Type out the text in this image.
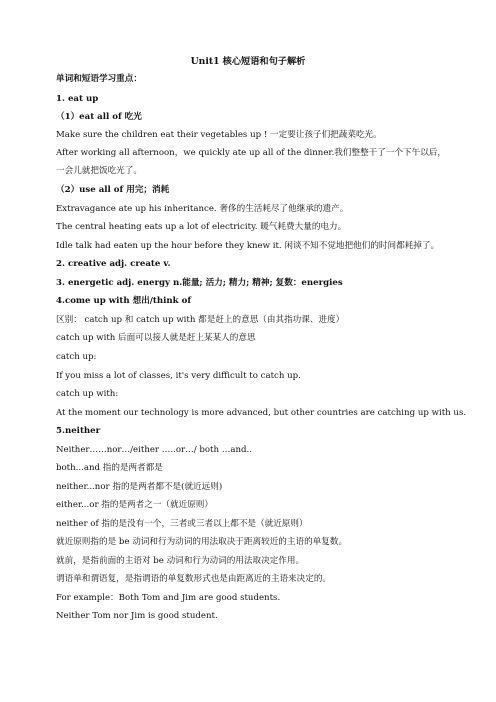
Unit1 核心短语和句子解析
单词和短语学习重点：
1. eat up
（1）eat all of 吃光
Make sure the children eat their vegetables up ! 一定要让孩子们把蔬菜吃光。
After working all afternoon，we quickly ate up all of the dinner.我们整整干了一个下午以后，
一会儿就把饭吃光了。
（2）use all of 用完；消耗
Extravagance ate up his inheritance. 奢侈的生活耗尽了他继承的遗产。
The central heating eats up a lot of electricity. 暖气耗费大量的电力。
Idle talk had eaten up the hour before they knew it. 闲谈不知不觉地把他们的时间都耗掉了。
2. creative adj. create v.
3. energetic adj. energy n.能量; 活力; 精力; 精神; 复数：energies
4.come up with 想出/think of
区别： catch up 和 catch up with 都是赶上的意思（由其指功课、进度）
catch up with 后面可以接人就是赶上某某人的意思
catch up:
If you miss a lot of classes, it's very difficult to catch up.
catch up with:
At the moment our technology is more advanced, but other countries are catching up with us.
5.neither
Neither……nor…/either …..or…/ both …and..
both...and 指的是两者都是
neither...nor 指的是两者都不是(就近远则)
either...or 指的是两者之一（就近原则）
neither of 指的是没有一个，三者或三者以上都不是（就近原则）
就近原则指的是 be 动词和行为动词的用法取决于距离较近的主语的单复数。
就前，是指前面的主语对 be 动词和行为动词的用法取决定作用。
谓语单和谓语复，是指谓语的单复数形式也是由距离近的主语来决定的。
For example：Both Tom and Jim are good students.
Neither Tom nor Jim is good student.
